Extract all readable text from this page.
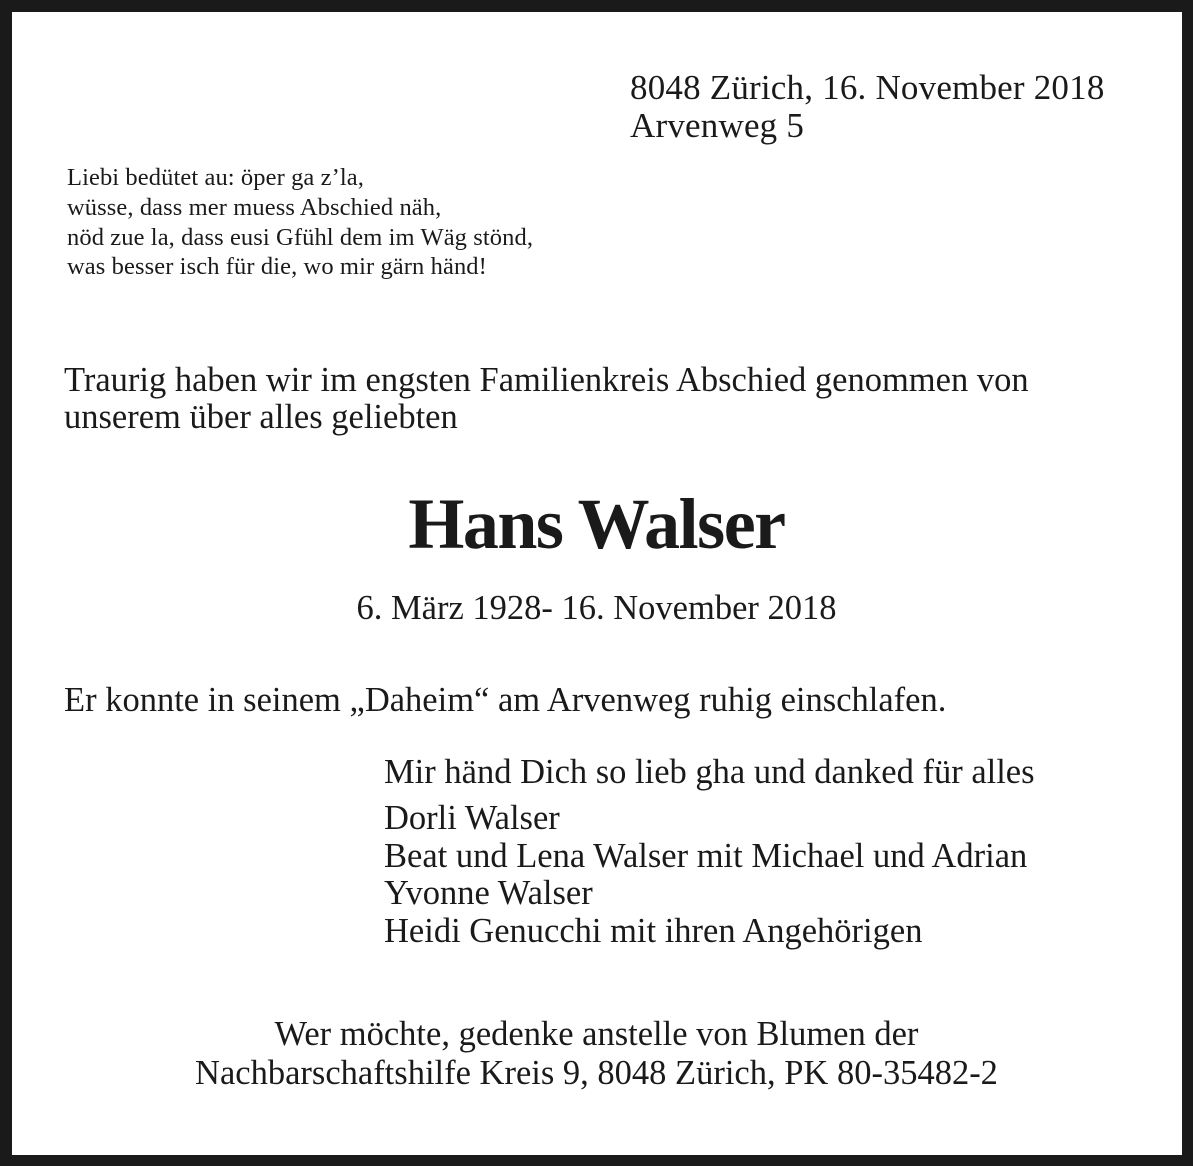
8048 Zürich, 16. November 2018

Arvenweg 5

Liebi bedütet au: öper ga z’la,

wüsse, dass mer muess Abschied näh,

nöd zue la, dass eusi Gfühl dem im Wäg stönd,

was besser isch für die, wo mir gärn händ!

Traurig haben wir im engsten Familienkreis Abschied genommen von

unserem über alles geliebten

Hans Walser

6. März 1928- 16. November 2018

Er konnte in seinem „Daheim“ am Arvenweg ruhig einschlafen.

Mir händ Dich so lieb gha und danked für alles

Dorli Walser

Beat und Lena Walser mit Michael und Adrian

Yvonne Walser

Heidi Genucchi mit ihren Angehörigen

Wer möchte, gedenke anstelle von Blumen der

Nachbarschaftshilfe Kreis 9, 8048 Zürich, PK 80-35482-2
